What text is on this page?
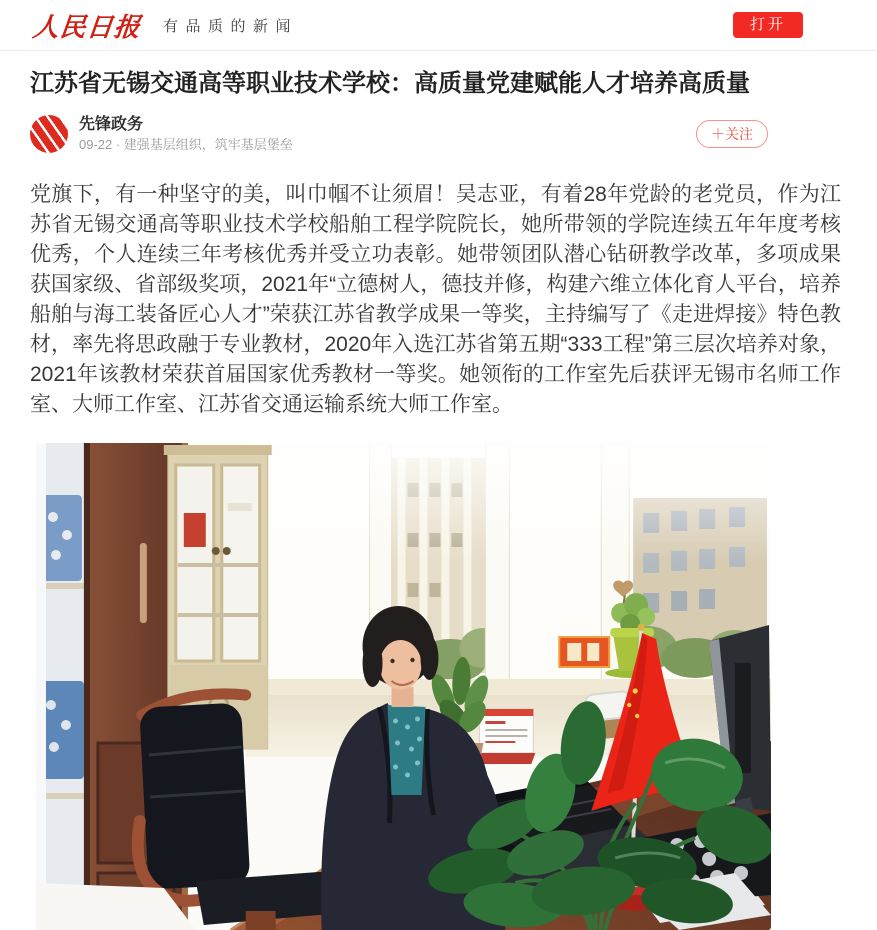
人民日报 有品质的新闻	打开
江苏省无锡交通高等职业技术学校：高质量党建赋能人才培养高质量
先锋政务
09-22 · 建强基层组织，筑牢基层堡垒
＋关注

党旗下，有一种坚守的美，叫巾帼不让须眉！吴志亚，有着28年党龄的老党员，作为江苏省无锡交通高等职业技术学校船舶工程学院院长，她所带领的学院连续五年年度考核优秀，个人连续三年考核优秀并受立功表彰。她带领团队潜心钻研教学改革，多项成果获国家级、省部级奖项，2021年“立德树人，德技并修，构建六维立体化育人平台，培养船舶与海工装备匠心人才”荣获江苏省教学成果一等奖，主持编写了《走进焊接》特色教材，率先将思政融于专业教材，2020年入选江苏省第五期“333工程”第三层次培养对象，2021年该教材荣获首届国家优秀教材一等奖。她领衔的工作室先后获评无锡市名师工作室、大师工作室、江苏省交通运输系统大师工作室。
